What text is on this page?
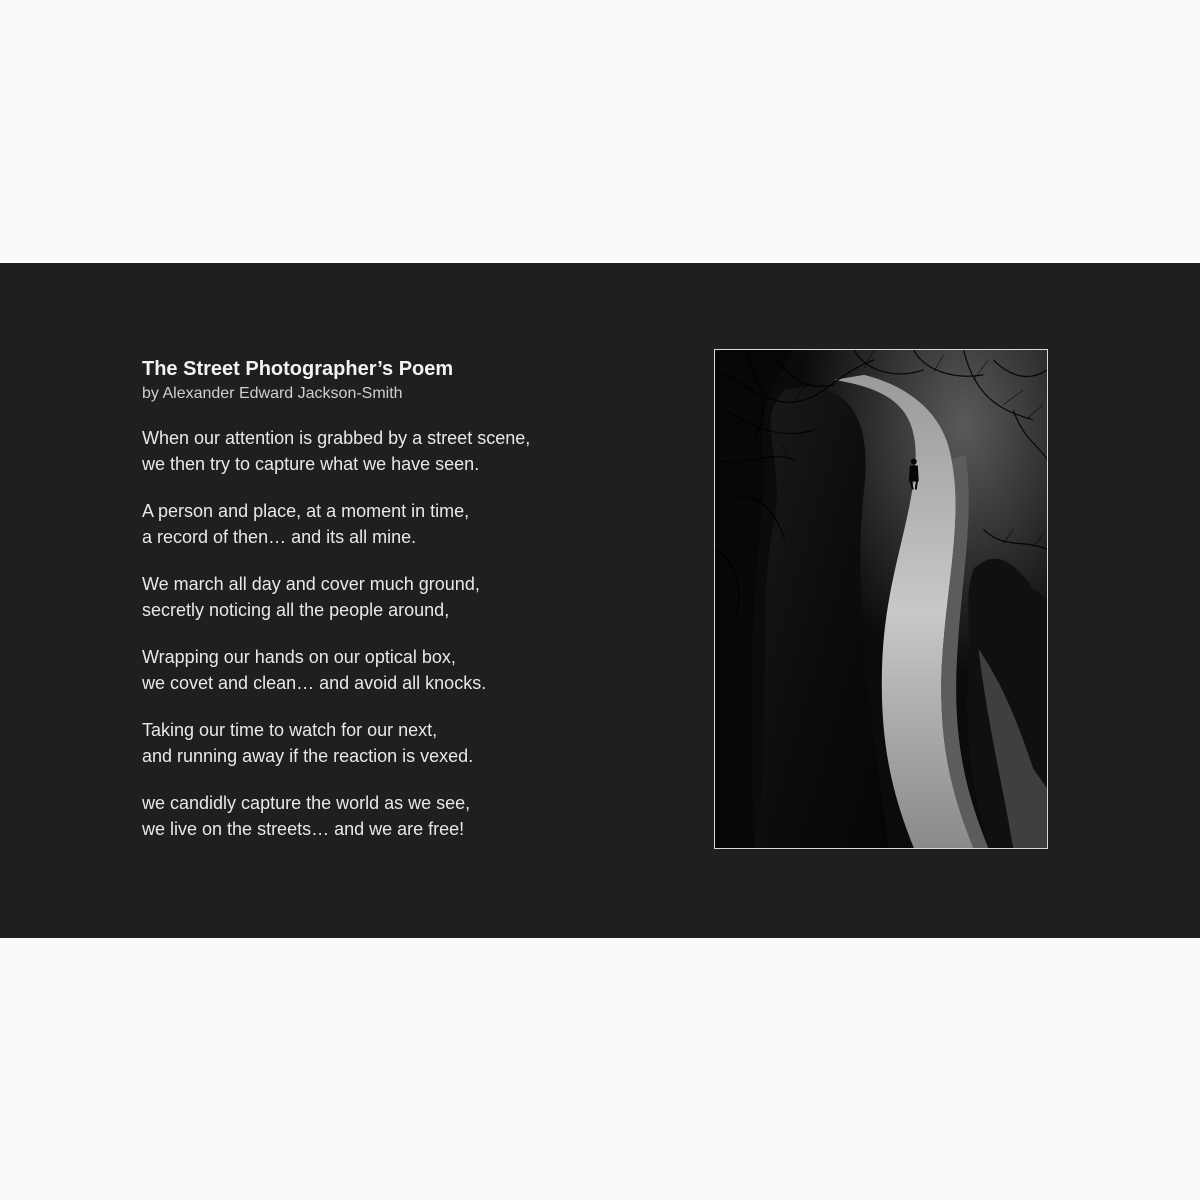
The Street Photographer’s Poem

by Alexander Edward Jackson-Smith

When our attention is grabbed by a street scene,
we then try to capture what we have seen.
A person and place, at a moment in time,
a record of then… and its all mine.
We march all day and cover much ground,
secretly noticing all the people around,
Wrapping our hands on our optical box,
we covet and clean… and avoid all knocks.
Taking our time to watch for our next,
and running away if the reaction is vexed.
we candidly capture the world as we see,
we live on the streets… and we are free!
